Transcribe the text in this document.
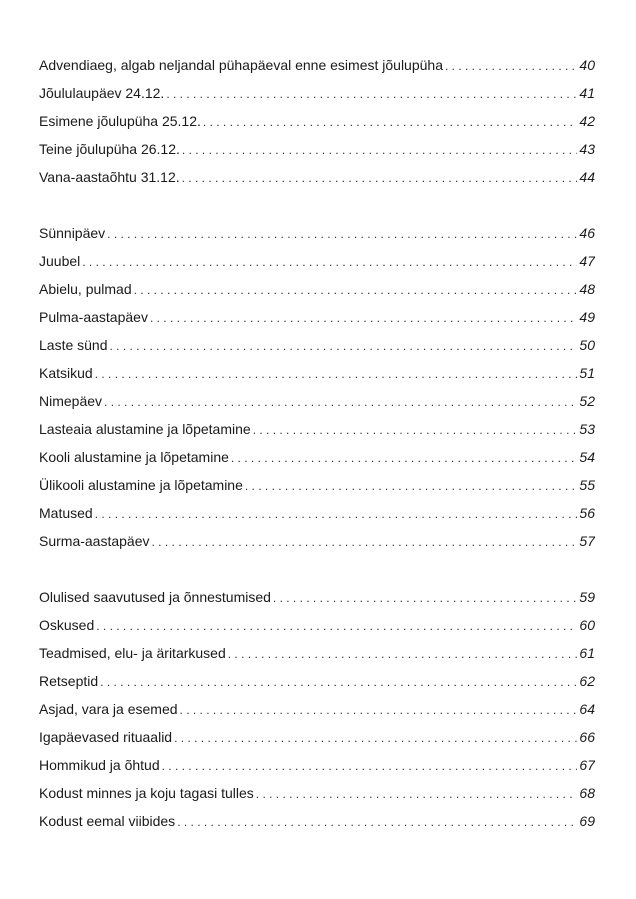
Advendiaeg, algab neljandal pühapäeval enne esimest jõulupüha . . .	40
Jõululaupäev 24.12. . . .	41
Esimene jõulupüha 25.12. . . .	42
Teine jõulupüha 26.12. . . .	43
Vana-aastaõhtu 31.12. . . .	44
Sünnipäev . . .	46
Juubel . . .	47
Abielu, pulmad . . .	48
Pulma-aastapäev . . .	49
Laste sünd . . .	50
Katsikud . . .	51
Nimepäev . . .	52
Lasteaia alustamine ja lõpetamine . . .	53
Kooli alustamine ja lõpetamine . . .	54
Ülikooli alustamine ja lõpetamine . . .	55
Matused . . .	56
Surma-aastapäev . . .	57
Olulised saavutused ja õnnestumised . . .	59
Oskused . . .	60
Teadmised, elu- ja äritarkused . . .	61
Retseptid . . .	62
Asjad, vara ja esemed . . .	64
Igapäevased rituaalid . . .	66
Hommikud ja õhtud . . .	67
Kodust minnes ja koju tagasi tulles . . .	68
Kodust eemal viibides . . .	69
